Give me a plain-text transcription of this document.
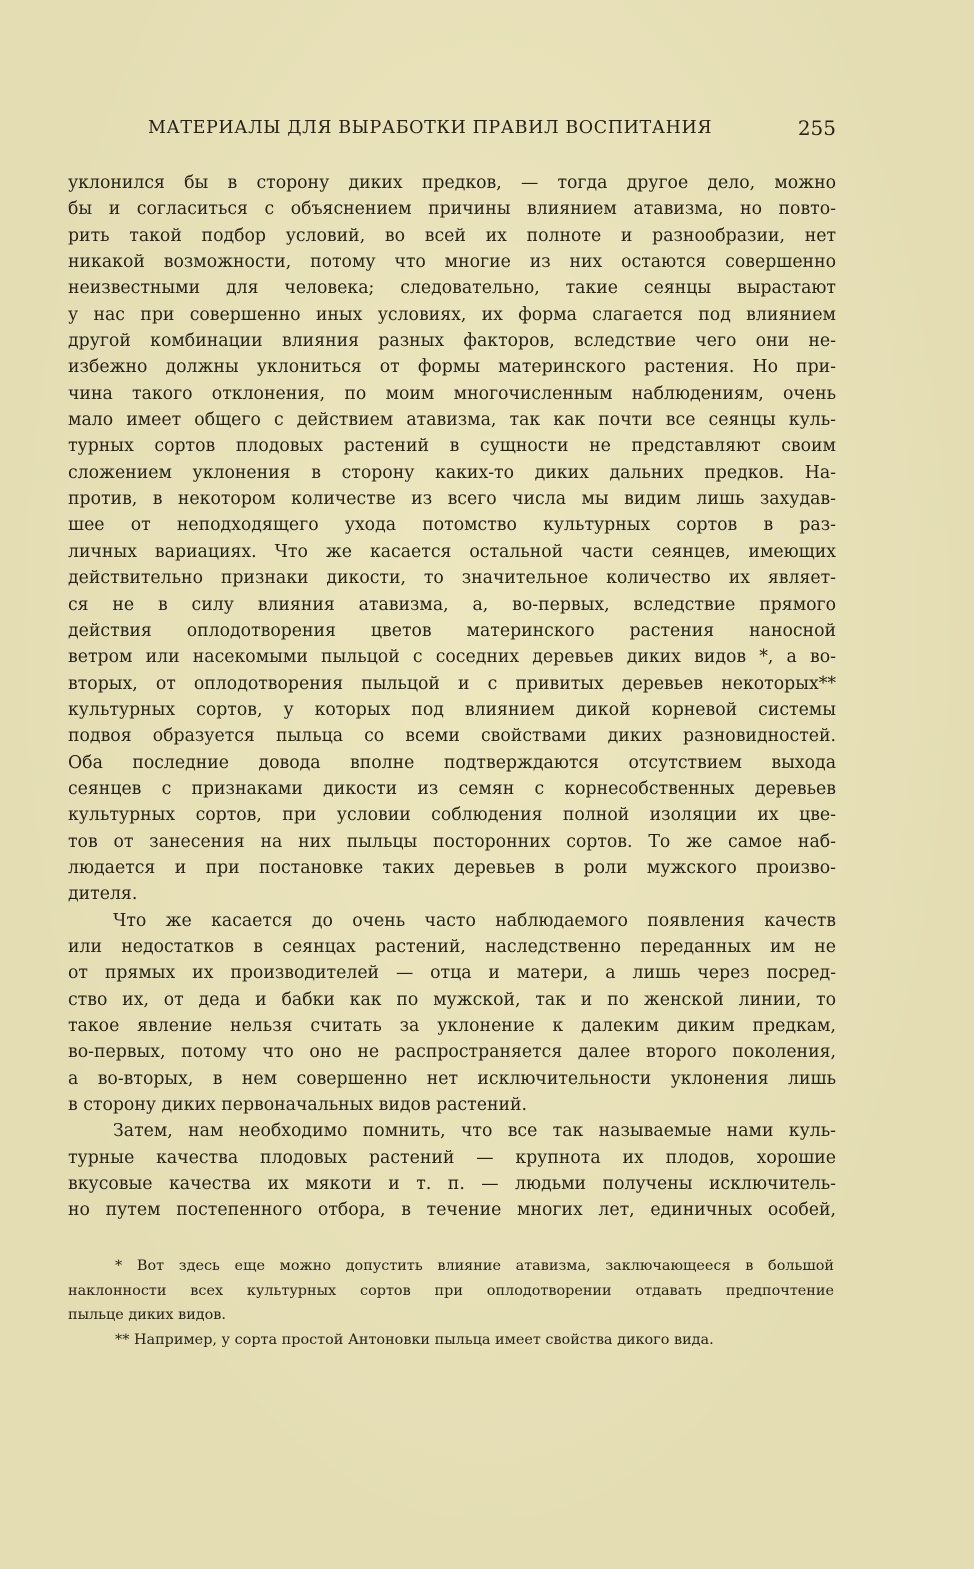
МАТЕРИАЛЫ ДЛЯ ВЫРАБОТКИ ПРАВИЛ ВОСПИТАНИЯ	255
уклонился бы в сторону диких предков, — тогда другое дело, можно
бы и согласиться с объяснением причины влиянием атавизма, но повто-
рить такой подбор условий, во всей их полноте и разнообразии, нет
никакой возможности, потому что многие из них остаются совершенно
неизвестными для человека; следовательно, такие сеянцы вырастают
у нас при совершенно иных условиях, их форма слагается под влиянием
другой комбинации влияния разных факторов, вследствие чего они не-
избежно должны уклониться от формы материнского растения. Но при-
чина такого отклонения, по моим многочисленным наблюдениям, очень
мало имеет общего с действием атавизма, так как почти все сеянцы куль-
турных сортов плодовых растений в сущности не представляют своим
сложением уклонения в сторону каких-то диких дальних предков. На-
против, в некотором количестве из всего числа мы видим лишь захудав-
шее от неподходящего ухода потомство культурных сортов в раз-
личных вариациях. Что же касается остальной части сеянцев, имеющих
действительно признаки дикости, то значительное количество их являет-
ся не в силу влияния атавизма, а, во-первых, вследствие прямого
действия оплодотворения цветов материнского растения наносной
ветром или насекомыми пыльцой с соседних деревьев диких видов *, а во-
вторых, от оплодотворения пыльцой и с привитых деревьев некоторых**
культурных сортов, у которых под влиянием дикой корневой системы
подвоя образуется пыльца со всеми свойствами диких разновидностей.
Оба последние довода вполне подтверждаются отсутствием выхода
сеянцев с признаками дикости из семян с корнесобственных деревьев
культурных сортов, при условии соблюдения полной изоляции их цве-
тов от занесения на них пыльцы посторонних сортов. То же самое наб-
людается и при постановке таких деревьев в роли мужского произво-
дителя.
Что же касается до очень часто наблюдаемого появления качеств
или недостатков в сеянцах растений, наследственно переданных им не
от прямых их производителей — отца и матери, а лишь через посред-
ство их, от деда и бабки как по мужской, так и по женской линии, то
такое явление нельзя считать за уклонение к далеким диким предкам,
во-первых, потому что оно не распространяется далее второго поколения,
а во-вторых, в нем совершенно нет исключительности уклонения лишь
в сторону диких первоначальных видов растений.
Затем, нам необходимо помнить, что все так называемые нами куль-
турные качества плодовых растений — крупнота их плодов, хорошие
вкусовые качества их мякоти и т. п. — людьми получены исключитель-
но путем постепенного отбора, в течение многих лет, единичных особей,
* Вот здесь еще можно допустить влияние атавизма, заключающееся в большой
наклонности всех культурных сортов при оплодотворении отдавать предпочтение
пыльце диких видов.
** Например, у сорта простой Антоновки пыльца имеет свойства дикого вида.
